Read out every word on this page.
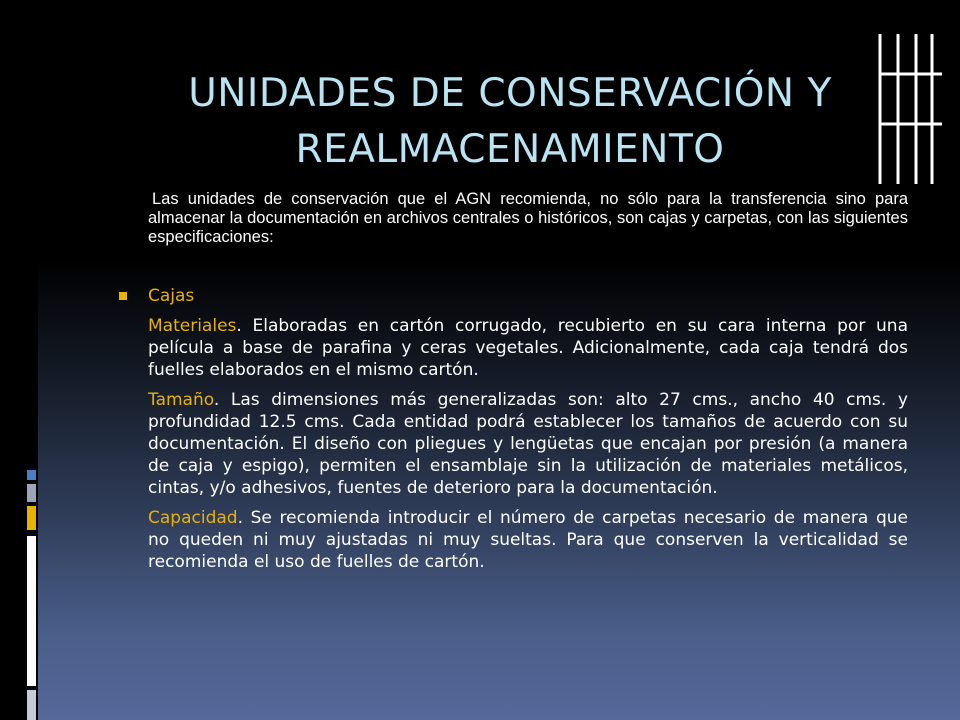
UNIDADES DE CONSERVACIÓN Y REALMACENAMIENTO

Las unidades de conservación que el AGN recomienda, no sólo para la transferencia sino para almacenar la documentación en archivos centrales o históricos, son cajas y carpetas, con las siguientes especificaciones:

Cajas

Materiales. Elaboradas en cartón corrugado, recubierto en su cara interna por una película a base de parafina y ceras vegetales. Adicionalmente, cada caja tendrá dos fuelles elaborados en el mismo cartón.

Tamaño. Las dimensiones más generalizadas son: alto 27 cms., ancho 40 cms. y profundidad 12.5 cms. Cada entidad podrá establecer los tamaños de acuerdo con su documentación. El diseño con pliegues y lengüetas que encajan por presión (a manera de caja y espigo), permiten el ensamblaje sin la utilización de materiales metálicos, cintas, y/o adhesivos, fuentes de deterioro para la documentación.

Capacidad. Se recomienda introducir el número de carpetas necesario de manera que no queden ni muy ajustadas ni muy sueltas. Para que conserven la verticalidad se recomienda el uso de fuelles de cartón.
